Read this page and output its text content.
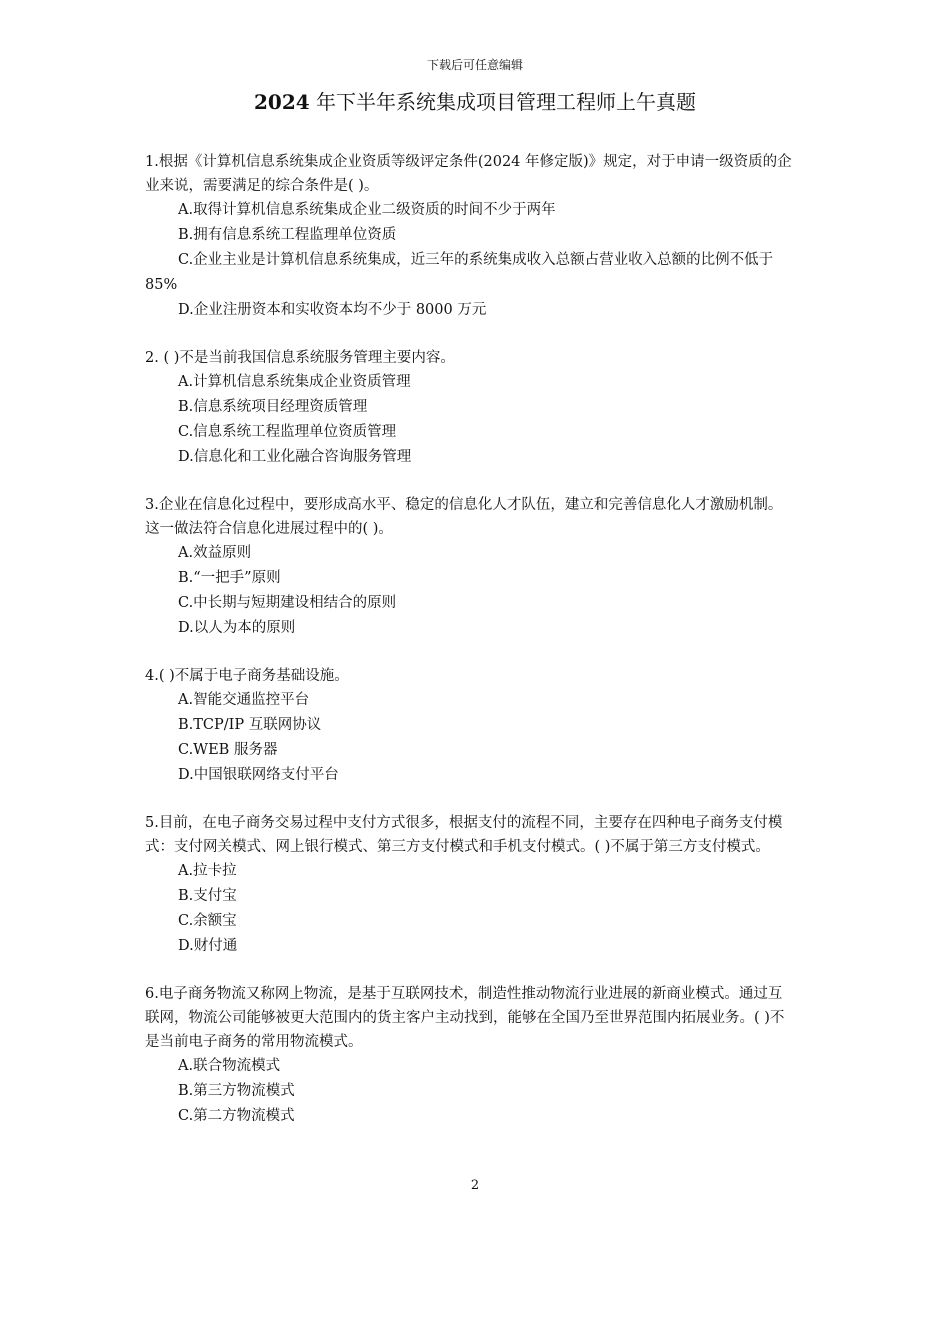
下载后可任意编辑
2024 年下半年系统集成项目管理工程师上午真题

1.根据《计算机信息系统集成企业资质等级评定条件(2024 年修定版)》规定，对于申请一级资质的企业来说，需要满足的综合条件是( )。

A.取得计算机信息系统集成企业二级资质的时间不少于两年

B.拥有信息系统工程监理单位资质

C.企业主业是计算机信息系统集成，近三年的系统集成收入总额占营业收入总额的比例不低于 85%

D.企业注册资本和实收资本均不少于 8000 万元

2. ( )不是当前我国信息系统服务管理主要内容。

A.计算机信息系统集成企业资质管理

B.信息系统项目经理资质管理

C.信息系统工程监理单位资质管理

D.信息化和工业化融合咨询服务管理

3.企业在信息化过程中，要形成高水平、稳定的信息化人才队伍，建立和完善信息化人才激励机制。这一做法符合信息化进展过程中的( )。

A.效益原则

B.“一把手”原则

C.中长期与短期建设相结合的原则

D.以人为本的原则

4.( )不属于电子商务基础设施。

A.智能交通监控平台

B.TCP/IP 互联网协议

C.WEB 服务器

D.中国银联网络支付平台

5.目前，在电子商务交易过程中支付方式很多，根据支付的流程不同，主要存在四种电子商务支付模式：支付网关模式、网上银行模式、第三方支付模式和手机支付模式。( )不属于第三方支付模式。

A.拉卡拉

B.支付宝

C.余额宝

D.财付通

6.电子商务物流又称网上物流，是基于互联网技术，制造性推动物流行业进展的新商业模式。通过互联网，物流公司能够被更大范围内的货主客户主动找到，能够在全国乃至世界范围内拓展业务。( )不是当前电子商务的常用物流模式。

A.联合物流模式

B.第三方物流模式

C.第二方物流模式

2
